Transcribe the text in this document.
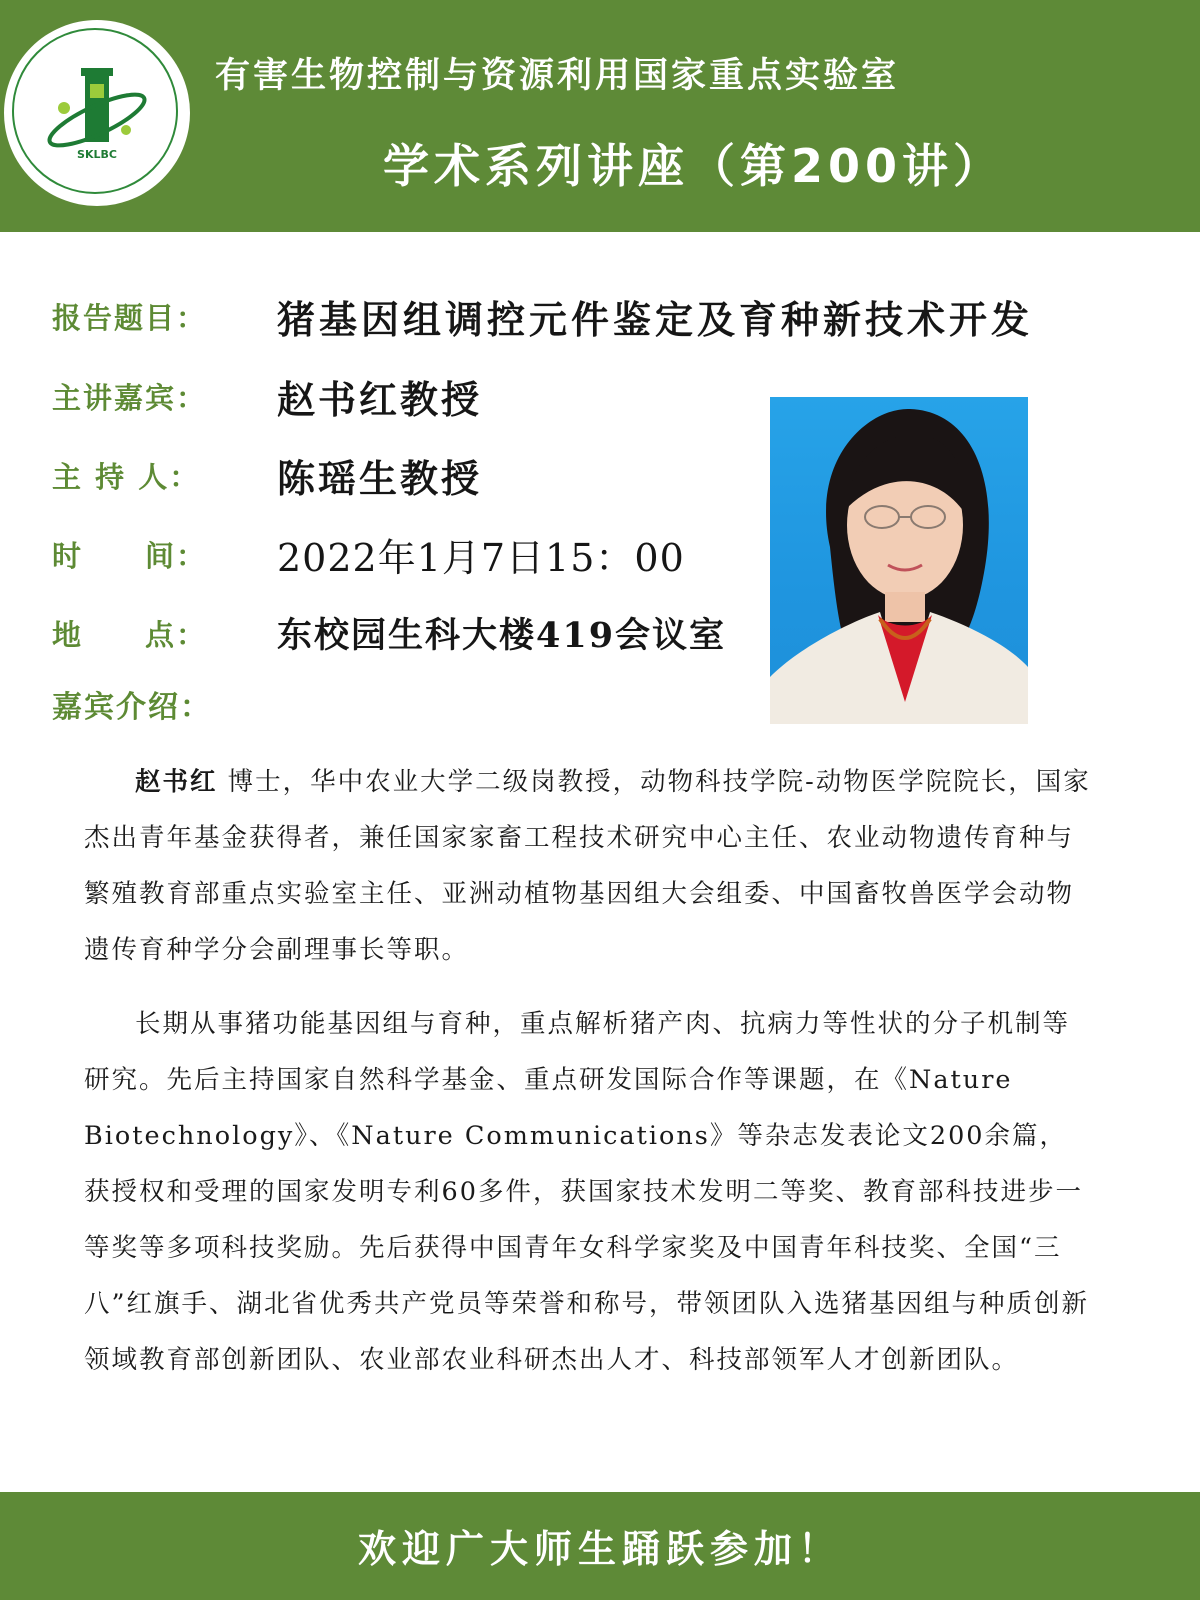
SKLBC
有害生物控制与资源利用国家重点实验室
学术系列讲座（第200讲）
报告题目：	猪基因组调控元件鉴定及育种新技术开发
主讲嘉宾：	赵书红教授
主 持 人：	陈瑶生教授
时　　间：	2022年1月7日15：00
地　　点：	东校园生科大楼419会议室
嘉宾介绍：

赵书红 博士，华中农业大学二级岗教授，动物科技学院-动物医学院院长，国家杰出青年基金获得者，兼任国家家畜工程技术研究中心主任、农业动物遗传育种与繁殖教育部重点实验室主任、亚洲动植物基因组大会组委、中国畜牧兽医学会动物遗传育种学分会副理事长等职。

长期从事猪功能基因组与育种，重点解析猪产肉、抗病力等性状的分子机制等研究。先后主持国家自然科学基金、重点研发国际合作等课题，在《Nature Biotechnology》、《Nature Communications》等杂志发表论文200余篇，获授权和受理的国家发明专利60多件，获国家技术发明二等奖、教育部科技进步一等奖等多项科技奖励。先后获得中国青年女科学家奖及中国青年科技奖、全国“三八”红旗手、湖北省优秀共产党员等荣誉和称号，带领团队入选猪基因组与种质创新领域教育部创新团队、农业部农业科研杰出人才、科技部领军人才创新团队。

欢迎广大师生踊跃参加！
